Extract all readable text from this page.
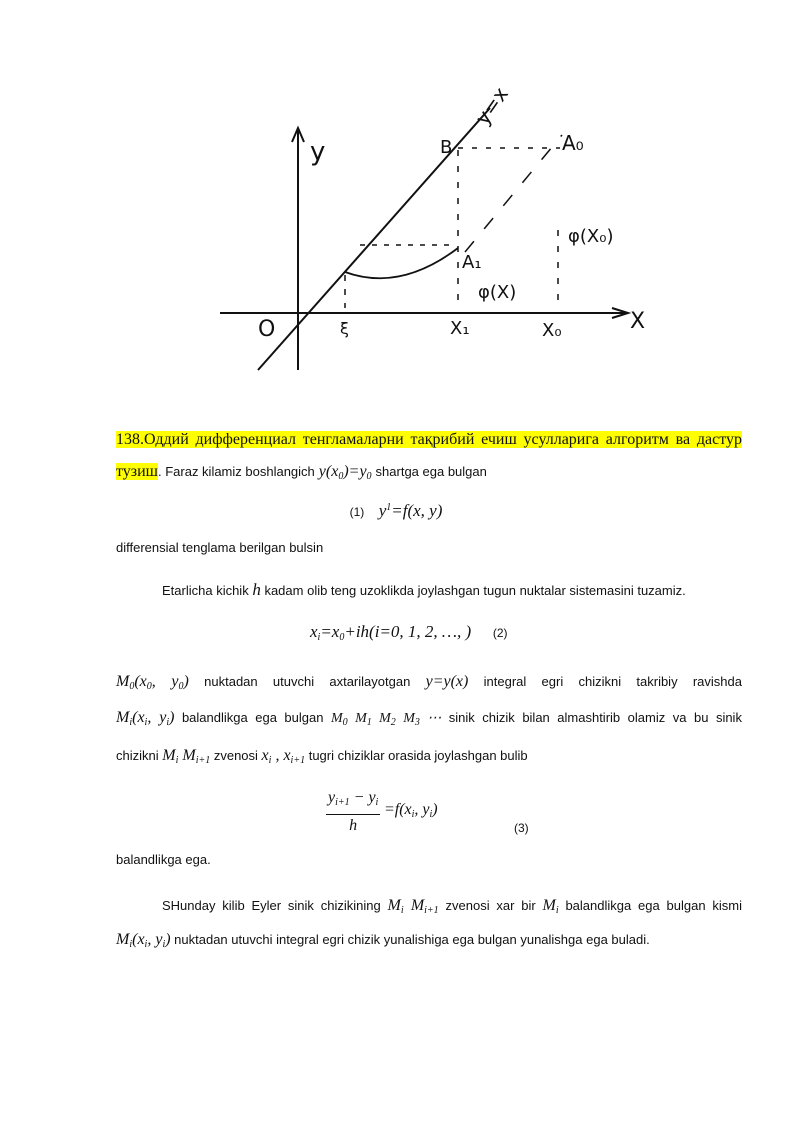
y
X
O
y=x
B	A₀
A₁
φ(X₀)
φ(X)
ξ	X₁	X₀
138.Оддий дифференциал тенгламаларни тақрибий ечиш усулларига алгоритм ва дастур тузиш. Faraz kilamiz boshlangich $y(x_0)=y_0$ shartga ega bulgan
(1) $y^1=f(x$, y)
differensial tenglama berilgan bulsin
Etarlicha kichik h kadam olib teng uzoklikda joylashgan tugun nuktalar sistemasini tuzamiz.
$x_i=x_0+ih(i=0$, 1, 2, …, ) (2)
$M_0(x_0$, $y_0$) nuktadan utuvchi axtarilayotgan y=y(x) integral egri chizikni takribiy ravishda
$M_i(x_i$, $y_i$) balandlikga ega bulgan $M_0$ $M_1$ $M_2$ $M_3$ ⋯ sinik chizik bilan almashtirib olamiz va bu sinik
chizikni $M_i$ $M_{i+1}$ zvenosi $x_i$ , $x_{i+1}$ tugri chiziklar orasida joylashgan bulib
$\frac{y_{i+1} - y_i}{h} =f(x_i$, $y_i$)
(3)
balandlikga ega.
SHunday kilib Eyler sinik chizikining $M_i$ $M_{i+1}$ zvenosi xar bir $M_i$ balandlikga ega bulgan kismi
$M_i(x_i$, $y_i$) nuktadan utuvchi integral egri chizik yunalishiga ega bulgan yunalishga ega buladi.
